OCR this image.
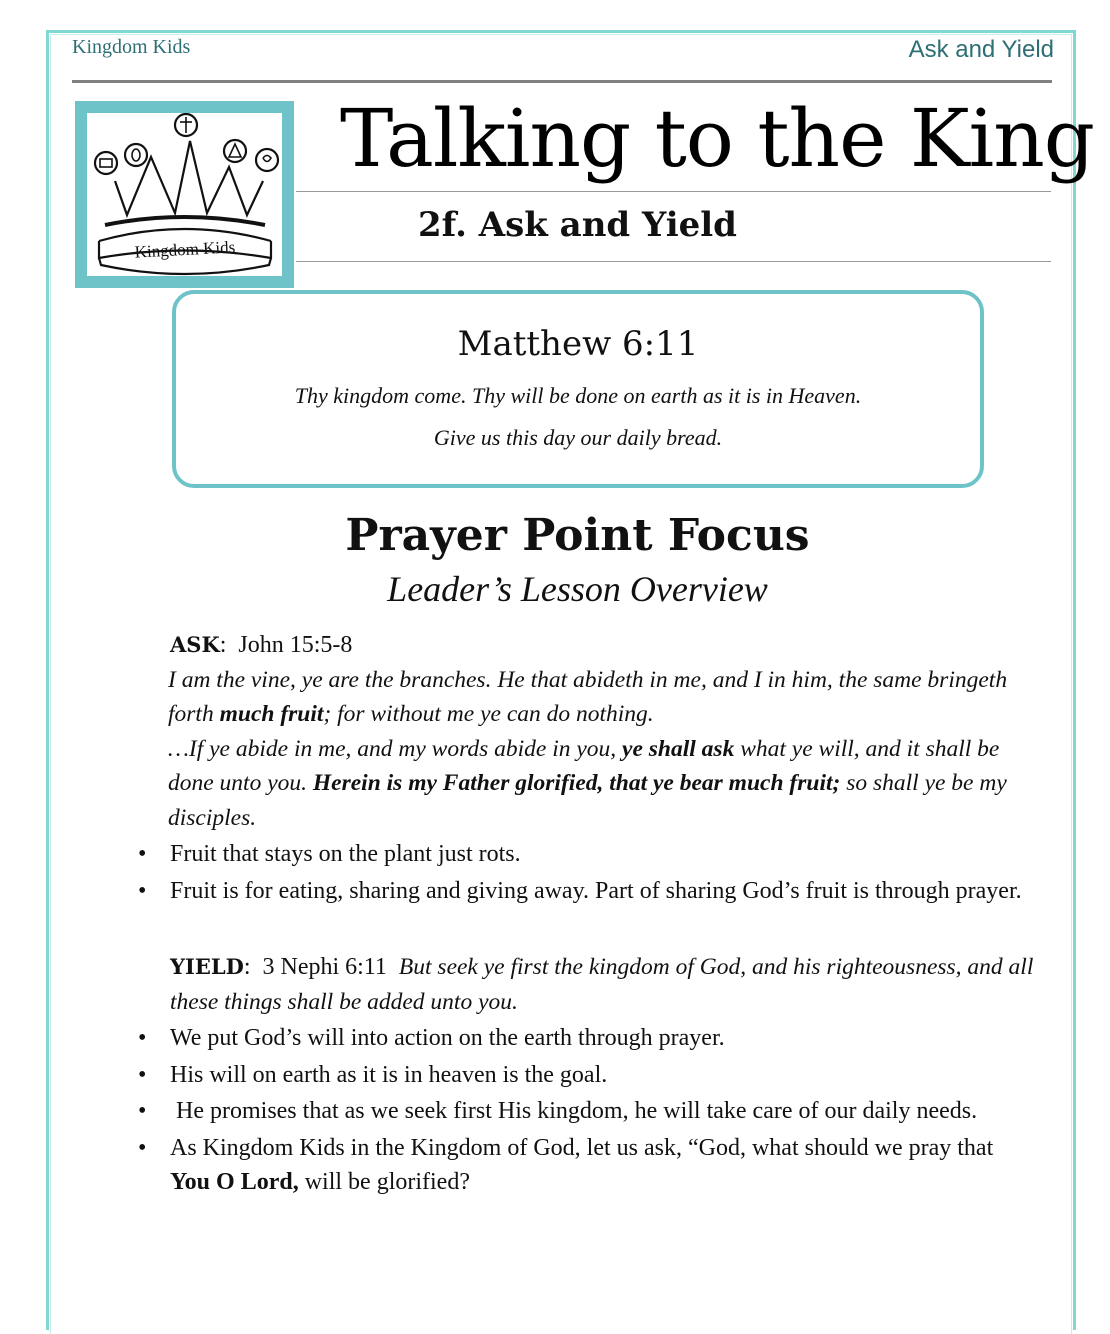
Kingdom Kids	Ask and Yield
Kingdom Kids
Talking to the King
2f. Ask and Yield
Matthew 6:11
Thy kingdom come. Thy will be done on earth as it is in Heaven.
Give us this day our daily bread.
Prayer Point Focus
Leader’s Lesson Overview
ASK:  John 15:5-8
I am the vine, ye are the branches. He that abideth in me, and I in him, the same bringeth forth much fruit; for without me ye can do nothing.
…If ye abide in me, and my words abide in you, ye shall ask what ye will, and it shall be done unto you. Herein is my Father glorified, that ye bear much fruit; so shall ye be my disciples.
• Fruit that stays on the plant just rots.
• Fruit is for eating, sharing and giving away. Part of sharing God’s fruit is through prayer.
YIELD:  3 Nephi 6:11 But seek ye first the kingdom of God, and his righteousness, and all these things shall be added unto you.
• We put God’s will into action on the earth through prayer.
• His will on earth as it is in heaven is the goal.
• He promises that as we seek first His kingdom, he will take care of our daily needs.
• As Kingdom Kids in the Kingdom of God, let us ask, “God, what should we pray that You O Lord, will be glorified?
